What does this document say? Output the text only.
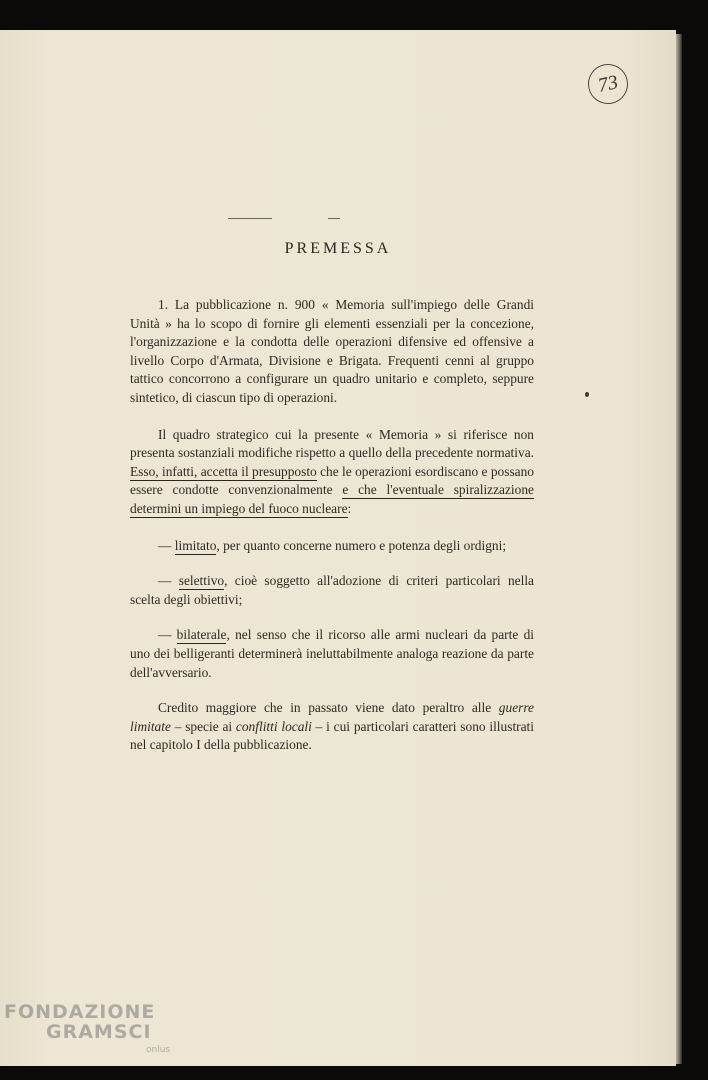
73
PREMESSA

1. La pubblicazione n. 900 « Memoria sull'impiego delle Grandi Unità » ha lo scopo di fornire gli elementi essenziali per la concezione, l'organizzazione e la condotta delle operazioni difensive ed offensive a livello Corpo d'Armata, Divisione e Brigata. Frequenti cenni al gruppo tattico concorrono a configurare un quadro unitario e completo, seppure sintetico, di ciascun tipo di operazioni.

Il quadro strategico cui la presente « Memoria » si riferisce non presenta sostanziali modifiche rispetto a quello della precedente normativa. Esso, infatti, accetta il presupposto che le operazioni esordiscano e possano essere condotte convenzionalmente e che l'eventuale spiralizzazione determini un impiego del fuoco nucleare:

— limitato, per quanto concerne numero e potenza degli ordigni;

— selettivo, cioè soggetto all'adozione di criteri particolari nella scelta degli obiettivi;

— bilaterale, nel senso che il ricorso alle armi nucleari da parte di uno dei belligeranti determinerà ineluttabilmente analoga reazione da parte dell'avversario.

Credito maggiore che in passato viene dato peraltro alle guerre limitate – specie ai conflitti locali – i cui particolari caratteri sono illustrati nel capitolo I della pubblicazione.

FONDAZIONE
GRAMSCI
onlus
